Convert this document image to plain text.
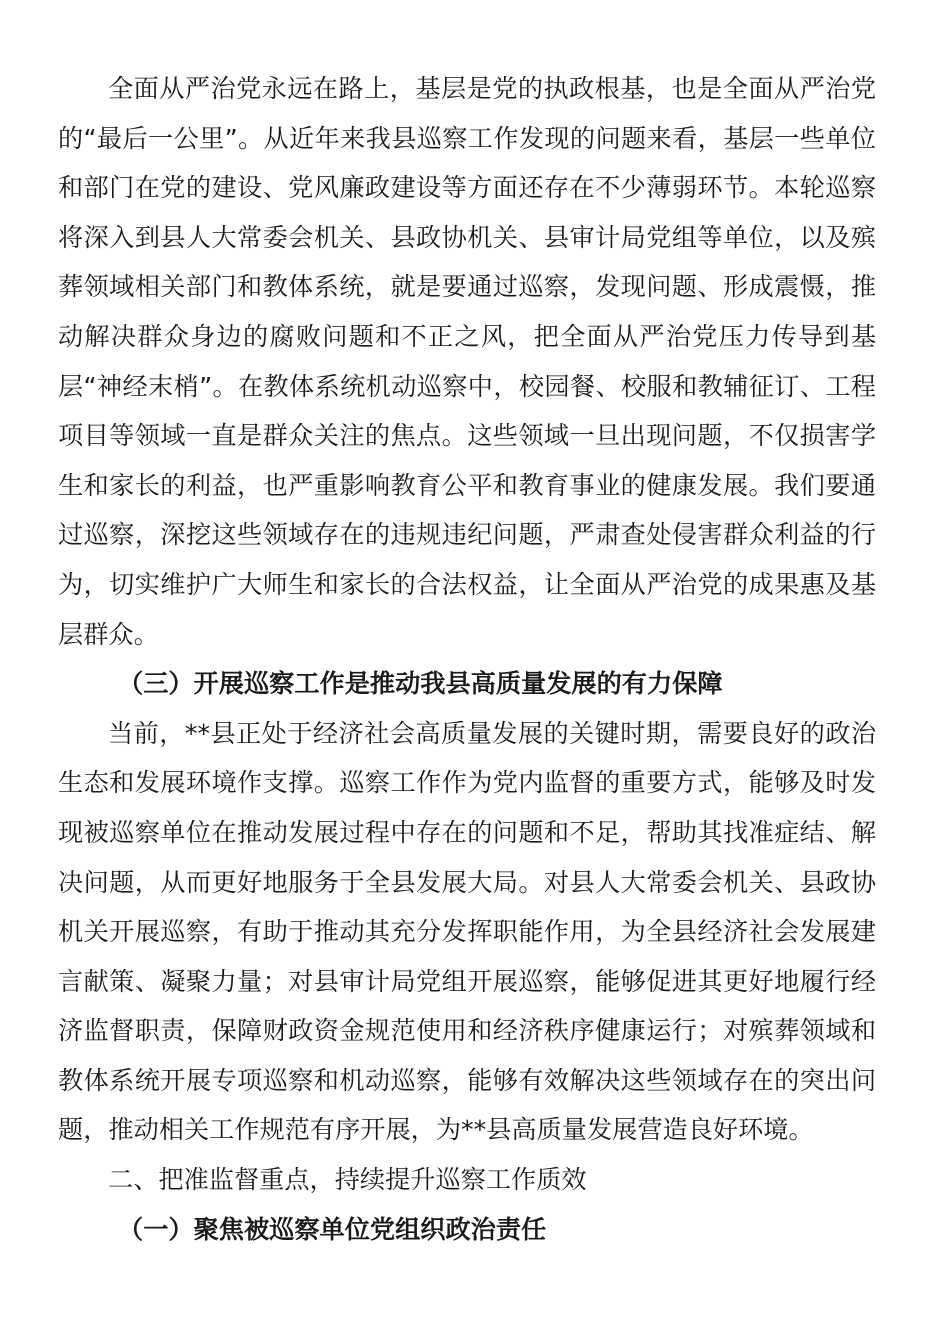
全面从严治党永远在路上，基层是党的执政根基，也是全面从严治党的“最后一公里”。从近年来我县巡察工作发现的问题来看，基层一些单位和部门在党的建设、党风廉政建设等方面还存在不少薄弱环节。本轮巡察将深入到县人大常委会机关、县政协机关、县审计局党组等单位，以及殡葬领域相关部门和教体系统，就是要通过巡察，发现问题、形成震慑，推动解决群众身边的腐败问题和不正之风，把全面从严治党压力传导到基层“神经末梢”。在教体系统机动巡察中，校园餐、校服和教辅征订、工程项目等领域一直是群众关注的焦点。这些领域一旦出现问题，不仅损害学生和家长的利益，也严重影响教育公平和教育事业的健康发展。我们要通过巡察，深挖这些领域存在的违规违纪问题，严肃查处侵害群众利益的行为，切实维护广大师生和家长的合法权益，让全面从严治党的成果惠及基层群众。

（三）开展巡察工作是推动我县高质量发展的有力保障

当前，**县正处于经济社会高质量发展的关键时期，需要良好的政治生态和发展环境作支撑。巡察工作作为党内监督的重要方式，能够及时发现被巡察单位在推动发展过程中存在的问题和不足，帮助其找准症结、解决问题，从而更好地服务于全县发展大局。对县人大常委会机关、县政协机关开展巡察，有助于推动其充分发挥职能作用，为全县经济社会发展建言献策、凝聚力量；对县审计局党组开展巡察，能够促进其更好地履行经济监督职责，保障财政资金规范使用和经济秩序健康运行；对殡葬领域和教体系统开展专项巡察和机动巡察，能够有效解决这些领域存在的突出问题，推动相关工作规范有序开展，为**县高质量发展营造良好环境。

二、把准监督重点，持续提升巡察工作质效

（一）聚焦被巡察单位党组织政治责任
